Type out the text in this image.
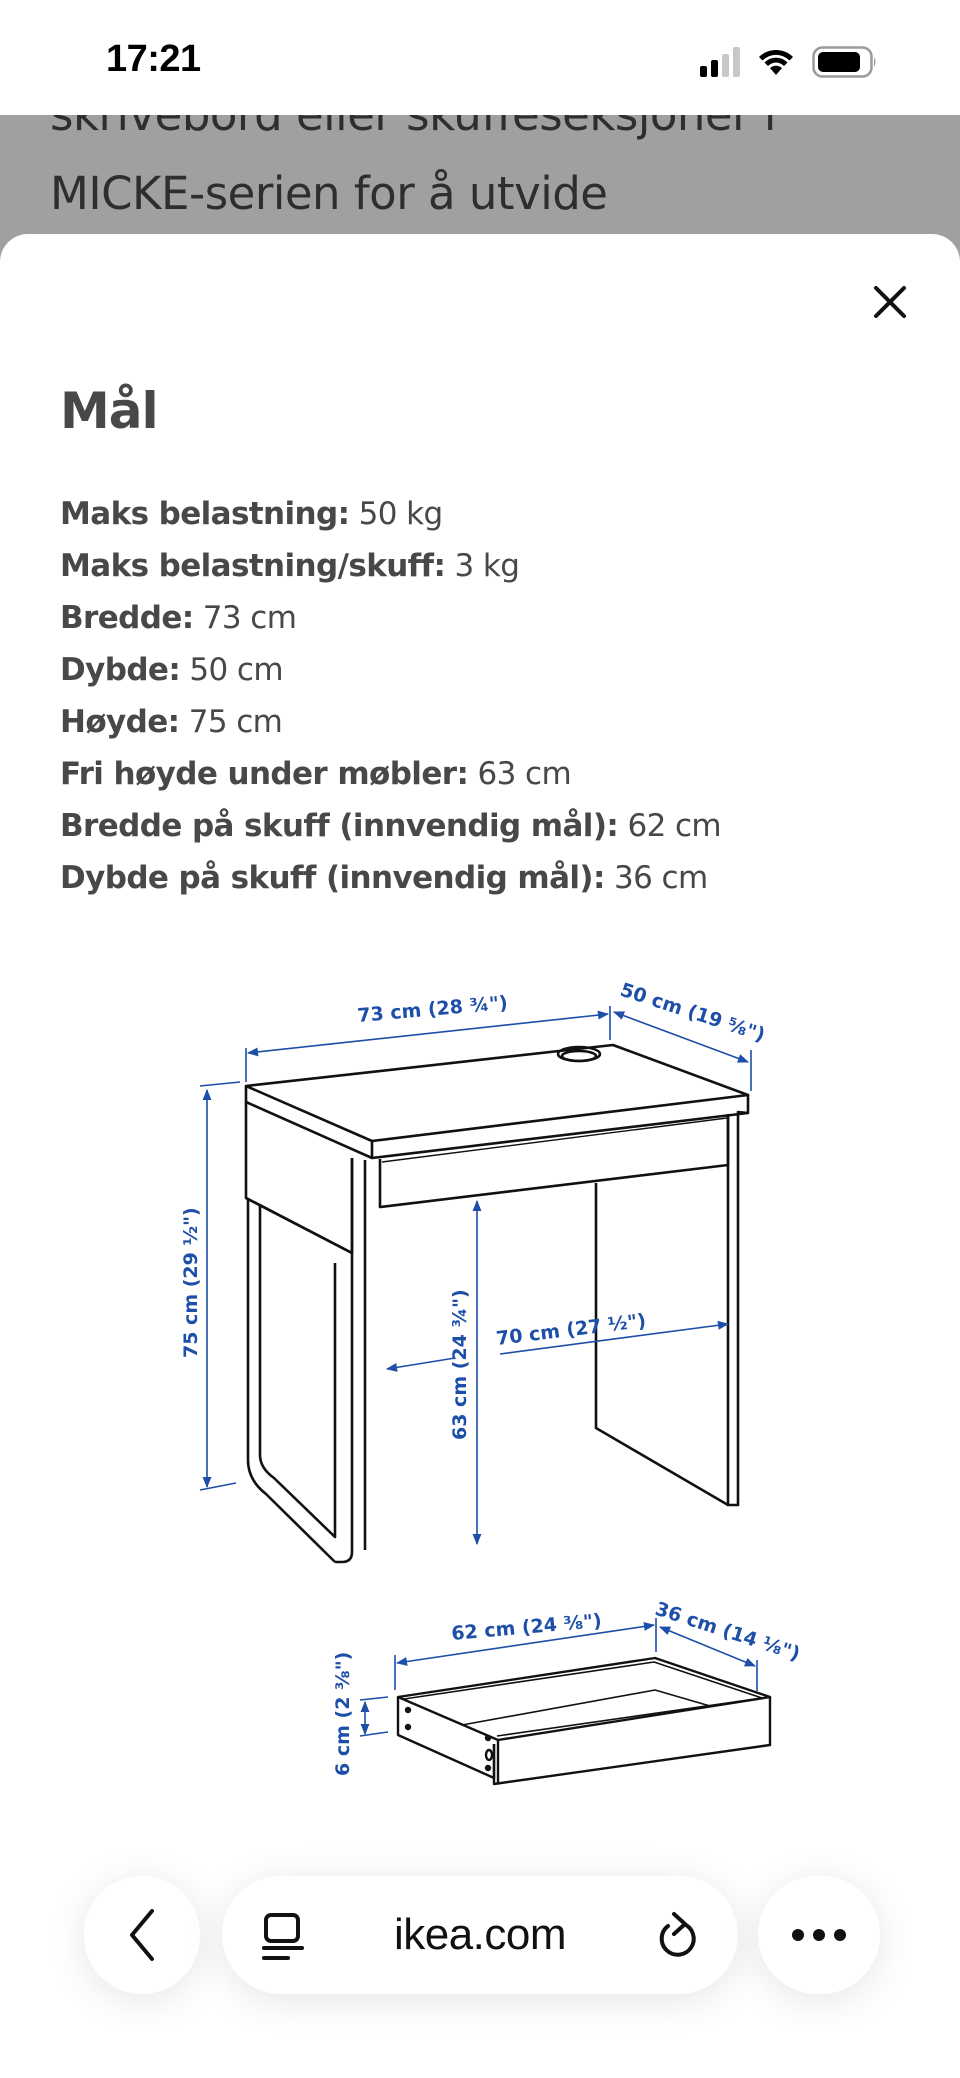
17:21
MICKE-serien for å utvide
Mål
Maks belastning: 50 kg
Maks belastning/skuff: 3 kg
Bredde: 73 cm
Dybde: 50 cm
Høyde: 75 cm
Fri høyde under møbler: 63 cm
Bredde på skuff (innvendig mål): 62 cm
Dybde på skuff (innvendig mål): 36 cm
73 cm (28 ¾")	50 cm (19 ⅝")
75 cm (29 ½")
63 cm (24 ¾") 70 cm (27 ½")
62 cm (24 ⅜")	36 cm (14 ⅛")
6 cm (2 ⅜")
ikea.com
